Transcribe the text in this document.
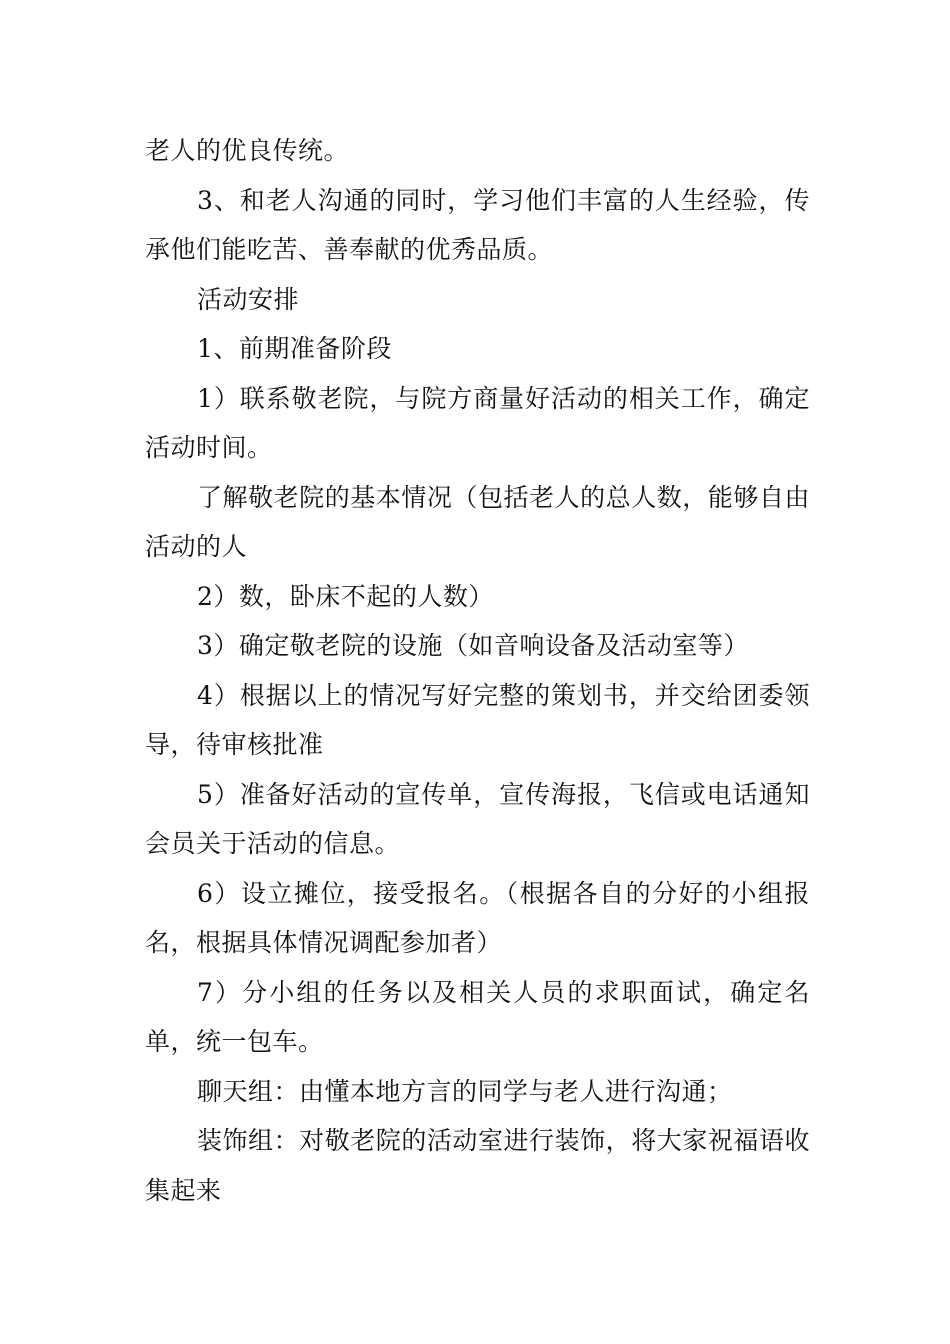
老人的优良传统。

3、和老人沟通的同时，学习他们丰富的人生经验，传承他们能吃苦、善奉献的优秀品质。

活动安排

1、前期准备阶段

1）联系敬老院，与院方商量好活动的相关工作，确定活动时间。

了解敬老院的基本情况（包括老人的总人数，能够自由活动的人

2）数，卧床不起的人数）

3）确定敬老院的设施（如音响设备及活动室等）

4）根据以上的情况写好完整的策划书，并交给团委领导，待审核批准

5）准备好活动的宣传单，宣传海报，飞信或电话通知会员关于活动的信息。

6）设立摊位，接受报名。（根据各自的分好的小组报名，根据具体情况调配参加者）

7）分小组的任务以及相关人员的求职面试，确定名单，统一包车。

聊天组：由懂本地方言的同学与老人进行沟通；

装饰组：对敬老院的活动室进行装饰，将大家祝福语收集起来
